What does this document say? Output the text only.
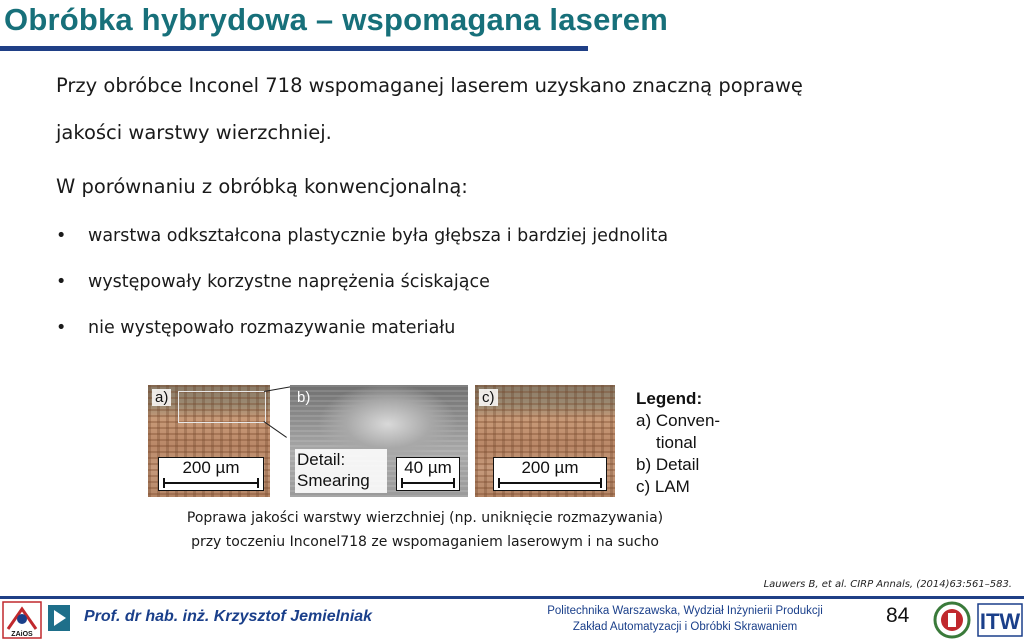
Obróbka hybrydowa – wspomagana laserem
Przy obróbce Inconel 718 wspomaganej laserem uzyskano znaczną poprawę
jakości warstwy wierzchniej.
W porównaniu z obróbką konwencjonalną:
• warstwa odkształcona plastycznie była głębsza i bardziej jednolita
• występowały korzystne naprężenia ściskające
• nie występowało rozmazywanie materiału
a)
200 µm
b)
Detail:
Smearing
40 µm
c)
200 µm
Legend:
a) Conven-
tional
b) Detail
c) LAM
Poprawa jakości warstwy wierzchniej (np. uniknięcie rozmazywania)
przy toczeniu Inconel718 ze wspomaganiem laserowym i na sucho
Lauwers B, et al. CIRP Annals, (2014)63:561–583.
ZAiOS
Prof. dr hab. inż. Krzysztof Jemielniak	Politechnika Warszawska, Wydział Inżynierii Produkcji
Zakład Automatyzacji i Obróbki Skrawaniem	84	ITW
